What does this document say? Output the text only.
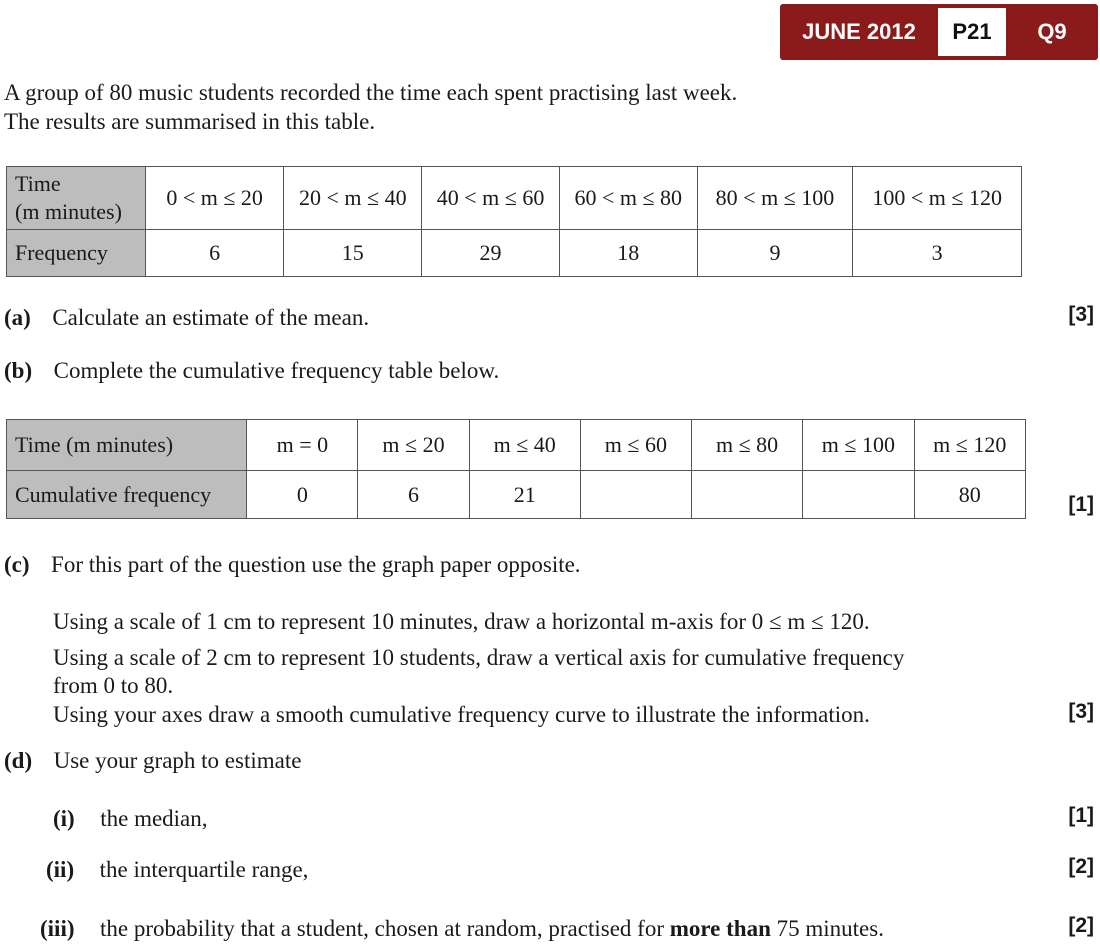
JUNE 2012	P21	Q9
A group of 80 music students recorded the time each spent practising last week.
The results are summarised in this table.
Time
(m minutes)	0 < m ≤ 20	20 < m ≤ 40	40 < m ≤ 60	60 < m ≤ 80	80 < m ≤ 100	100 < m ≤ 120
Frequency	6	15	29	18	9	3
(a) Calculate an estimate of the mean.	[3]
(b) Complete the cumulative frequency table below.
Time (m minutes)	m = 0	m ≤ 20	m ≤ 40	m ≤ 60	m ≤ 80	m ≤ 100	m ≤ 120
Cumulative frequency	0	6	21				80	[1]
(c) For this part of the question use the graph paper opposite.
Using a scale of 1 cm to represent 10 minutes, draw a horizontal m-axis for 0 ≤ m ≤ 120.
Using a scale of 2 cm to represent 10 students, draw a vertical axis for cumulative frequency
from 0 to 80.
Using your axes draw a smooth cumulative frequency curve to illustrate the information.	[3]
(d) Use your graph to estimate
(i) the median,	[1]
(ii) the interquartile range,	[2]
(iii) the probability that a student, chosen at random, practised for more than 75 minutes.	[2]
